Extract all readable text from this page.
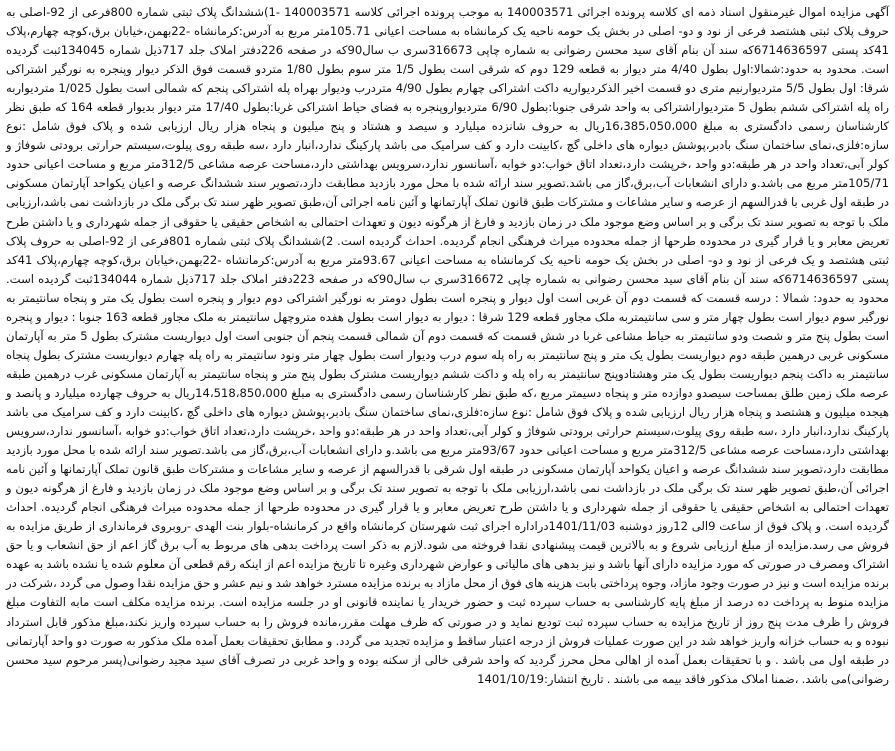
آگهی مزایده اموال غیرمنقول اسناد ذمه ای کلاسه پرونده اجرائی 140003571 به موجب پرونده اجرائی کلاسه 140003571 -1)ششدانگ پلاک ثبتی شماره 800فرعی از 92-اصلی به حروف پلاک ثبتی هشتصد فرعی از نود و دو- اصلی در بخش یک حومه ناحیه یک کرمانشاه به مساحت اعیانی 105.71متر مربع به آدرس:کرمانشاه -22بهمن،خیابان برق،کوچه چهارم،پلاک 41کد پستی 6714636597که سند آن بنام آقای سید محسن رضوانی به شماره چاپی 316673سری ب سال90که در صفحه 226دفتر املاک جلد 717ذیل شماره 134045ثبت گردیده است. محدود به حدود:شمالا:اول بطول 4/40 متر دیوار به قطعه 129 دوم که شرقی است بطول 1/5 متر سوم بطول 1/80 متردو قسمت فوق الذکر دیوار وپنجره به نورگیر اشتراکی شرقا: اول بطول 5/5 متردیوارنیم متری دو قسمت اخیر الذکردیواریه داکت اشتراکی چهارم بطول 4/90 متردرب ودیوار بهراه پله اشتراکی پنجم که شمالی است بطول 1/025 متردیواربه راه پله اشتراکی ششم بطول 5 متردیواراشتراکی به واحد شرقی جنوبا:بطول 6/90 متردیواروپنجره به فضای حیاط اشتراکی غربا:بطول 17/40 متر دیوار بدیوار قطعه 164 که طبق نظر کارشناسان رسمی دادگستری به مبلغ 16،385،050،000ریال به حروف شانزده میلیارد و سیصد و هشتاد و پنج میلیون و پنجاه هزار ریال ارزیابی شده و پلاک فوق شامل :نوع سازه:فلزی،نمای ساختمان سنگ بادبر،پوشش دیواره های داخلی گچ ،کابینت دارد و کف سرامیک می باشد پارکینگ ندارد،انبار دارد ،سه طبقه روی پیلوت،سیستم حرارتی برودتی شوفاژ و کولر آبی،تعداد واحد در هر طبقه:دو واحد ،خرپشت دارد،تعداد اتاق خواب:دو خوابه ،آسانسور ندارد،سرویس بهداشتی دارد،مساحت عرصه مشاعی 312/5متر مربع و مساحت اعیانی حدود 105/71متر مربع می باشد.و دارای انشعابات آب،برق،گاز می باشد.تصویر سند ارائه شده با محل مورد بازدید مطابقت دارد،تصویر سند ششدانگ عرصه و اعیان یکواحد آپارتمان مسکونی در طبقه اول غربی با قدرالسهم از عرصه و سایر مشاعات و مشترکات طبق قانون تملک آپارتمانها و آئین نامه اجرائی آن،طبق تصویر ظهر سند تک برگی ملک در بازداشت نمی باشد،ارزیابی ملک با توجه به تصویر سند تک برگی و بر اساس وضع موجود ملک در زمان بازدید و فارغ از هرگونه دیون و تعهدات احتمالی به اشخاص حقیقی یا حقوقی از جمله شهرداری و یا داشتن طرح تعریض معابر و یا قرار گیری در محدوده طرحها از جمله محدوده میراث فرهنگی انجام گردیده. احداث گردیده است. 2)ششدانگ پلاک ثبتی شماره 801فرعی از 92-اصلی به حروف پلاک ثبتی هشتصد و یک فرعی از نود و دو- اصلی در بخش یک حومه ناحیه یک کرمانشاه به مساحت اعیانی 93.67متر مربع به آدرس:کرمانشاه -22بهمن،خیابان برق،کوچه چهارم،پلاک 41کد پستی 6714636597که سند آن بنام آقای سید محسن رضوانی به شماره چاپی 316672سری ب سال90که در صفحه 223دفتر املاک جلد 717ذیل شماره 134044ثبت گردیده است. محدود به حدود: شمالا : درسه قسمت که قسمت دوم آن غربی است اول دیوار و پنجره است بطول دومتر به نورگیر اشتراکی دوم دیوار و پنجره است بطول یک متر و پنجاه سانتیمتر به نورگیر سوم دیوار است بطول چهار متر و سی سانتیمتربه ملک مجاور قطعه 129 شرقا : دیوار به دیوار است بطول هفده متروچهل سانتیمتر به ملک مجاور قطعه 163 جنوبا : دیوار و پنجره است بطول پنج متر و شصت ودو سانتیمتر به حیاط مشاعی غربا در شش قسمت که قسمت دوم آن شمالی قسمت پنجم آن جنوبی است اول دیواریست مشترک بطول 5 متر به آپارتمان مسکونی غربی درهمین طبقه دوم دیواریست بطول یک متر و پنج سانتیمتر به راه پله سوم درب ودیوار است بطول چهار متر ونود سانتیمتر به راه پله چهارم دیواریست مشترک بطول پنجاه سانتیمتر به داکت پنجم دیواریست بطول یک متر وهشتادوپنج سانتیمتر به راه پله و داکت ششم دیواریست مشترک بطول پنج متر و پنجاه سانتیمتر به آپارتمان مسکونی غرب درهمین طبقه عرصه ملک زمین طلق بمساحت سیصدو دوازده متر و پنجاه دسیمتر مربع ،که طبق نظر کارشناسان رسمی دادگستری به مبلغ 14،518،850،000ریال به حروف چهارده میلیارد و پانصد و هیجده میلیون و هشتصد و پنجاه هزار ریال ارزیابی شده و پلاک فوق شامل :نوع سازه:فلزی،نمای ساختمان سنگ بادبر،پوشش دیواره های داخلی گچ ،کابینت دارد و کف سرامیک می باشد پارکینگ ندارد،انبار دارد ،سه طبقه روی پیلوت،سیستم حرارتی برودتی شوفاژ و کولر آبی،تعداد واحد در هر طبقه:دو واحد ،خرپشت دارد،تعداد اتاق خواب:دو خوابه ،آسانسور ندارد،سرویس بهداشتی دارد،مساحت عرصه مشاعی 312/5متر مربع و مساحت اعیانی حدود 93/67متر مربع می باشد.و دارای انشعابات آب،برق،گاز می باشد.تصویر سند ارائه شده با محل مورد بازدید مطابقت دارد،تصویر سند ششدانگ عرصه و اعیان یکواحد آپارتمان مسکونی در طبقه اول شرقی با قدرالسهم از عرصه و سایر مشاعات و مشترکات طبق قانون تملک آپارتمانها و آئین نامه اجرائی آن،طبق تصویر ظهر سند تک برگی ملک در بازداشت نمی باشد،ارزیابی ملک با توجه به تصویر سند تک برگی و بر اساس وضع موجود ملک در زمان بازدید و فارغ از هرگونه دیون و تعهدات احتمالی به اشخاص حقیقی یا حقوقی از جمله شهرداری و یا داشتن طرح تعریض معابر و یا قرار گیری در محدوده طرحها از جمله محدوده میراث فرهنگی انجام گردیده. احداث گردیده است. و پلاک فوق از ساعت 9الی 12روز دوشنبه 1401/11/03دراداره اجرای ثبت شهرستان کرمانشاه واقع در کرمانشاه-بلوار بنت الهدی -روبروی فرمانداری از طریق مزایده به فروش می رسد.مزایده از مبلغ ارزیابی شروع و به بالاترین قیمت پیشنهادی نقدا فروخته می شود.لازم به ذکر است پرداخت بدهی های مربوط به آب برق گاز اعم از حق انشعاب و یا حق اشتراک ومصرف در صورتی که مورد مزایده دارای آنها باشد و نیز بدهی های مالیاتی و عوارض شهرداری وغیره تا تاریخ مزایده اعم از اینکه رقم قطعی آن معلوم شده یا نشده باشد به عهده برنده مزایده است و نیز در صورت وجود مازاد، وجوه پرداختی بابت هزینه های فوق از محل مازاد به برنده مزایده مسترد خواهد شد و نیم عشر و حق مزایده نقدا وصول می گردد ،شرکت در مزایده منوط به پرداخت ده درصد از مبلغ پایه کارشناسی به حساب سپرده ثبت و حضور خریدار یا نماینده قانونی او در جلسه مزایده است. برنده مزایده مکلف است مابه التفاوت مبلغ فروش را ظرف مدت پنج روز از تاریخ مزایده به حساب سپرده ثبت تودیع نماید و در صورتی که ظرف مهلت مقرر،مانده فروش را به حساب سپرده واریز نکند،مبلغ مذکور قابل استرداد نبوده و به حساب خزانه واریز خواهد شد در این صورت عملیات فروش از درجه اعتبار ساقط و مزایده تجدید می گردد. و مطابق تحقیقات بعمل آمده ملک مذکور به صورت دو واحد آپارتمانی در طبقه اول می باشد . و با تحقیقات بعمل آمده از اهالی محل محرز گردید که واحد شرقی خالی از سکنه بوده و واحد غربی در تصرف آقای سید مجید رضوانی(پسر مرحوم سید محسن رضوانی)می باشد. ،ضمنا املاک مذکور فاقد بیمه می باشند . تاریخ انتشار:1401/10/19
